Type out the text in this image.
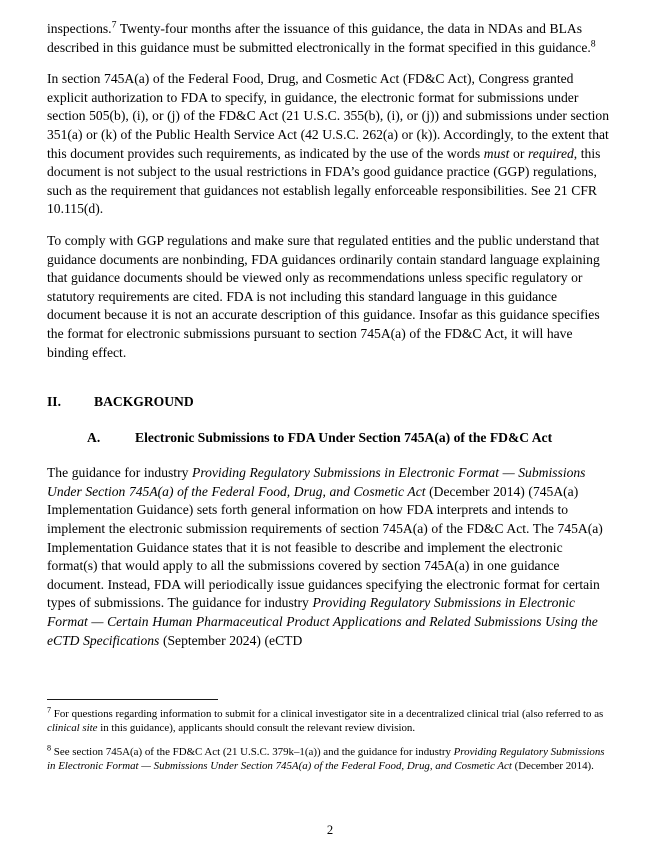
inspections.$^7$ Twenty-four months after the issuance of this guidance, the data in NDAs and BLAs described in this guidance must be submitted electronically in the format specified in this guidance.$^8$

In section 745A(a) of the Federal Food, Drug, and Cosmetic Act (FD&C Act), Congress granted explicit authorization to FDA to specify, in guidance, the electronic format for submissions under section 505(b), (i), or (j) of the FD&C Act (21 U.S.C. 355(b), (i), or (j)) and submissions under section 351(a) or (k) of the Public Health Service Act (42 U.S.C. 262(a) or (k)). Accordingly, to the extent that this document provides such requirements, as indicated by the use of the words must or required, this document is not subject to the usual restrictions in FDA’s good guidance practice (GGP) regulations, such as the requirement that guidances not establish legally enforceable responsibilities. See 21 CFR 10.115(d).

To comply with GGP regulations and make sure that regulated entities and the public understand that guidance documents are nonbinding, FDA guidances ordinarily contain standard language explaining that guidance documents should be viewed only as recommendations unless specific regulatory or statutory requirements are cited. FDA is not including this standard language in this guidance document because it is not an accurate description of this guidance. Insofar as this guidance specifies the format for electronic submissions pursuant to section 745A(a) of the FD&C Act, it will have binding effect.

II. BACKGROUND
A.	Electronic Submissions to FDA Under Section 745A(a) of the FD&C Act

The guidance for industry Providing Regulatory Submissions in Electronic Format — Submissions Under Section 745A(a) of the Federal Food, Drug, and Cosmetic Act (December 2014) (745A(a) Implementation Guidance) sets forth general information on how FDA interprets and intends to implement the electronic submission requirements of section 745A(a) of the FD&C Act. The 745A(a) Implementation Guidance states that it is not feasible to describe and implement the electronic format(s) that would apply to all the submissions covered by section 745A(a) in one guidance document. Instead, FDA will periodically issue guidances specifying the electronic format for certain types of submissions. The guidance for industry Providing Regulatory Submissions in Electronic Format — Certain Human Pharmaceutical Product Applications and Related Submissions Using the eCTD Specifications (September 2024) (eCTD

$^7$ For questions regarding information to submit for a clinical investigator site in a decentralized clinical trial (also referred to as clinical site in this guidance), applicants should consult the relevant review division.

$^8$ See section 745A(a) of the FD&C Act (21 U.S.C. 379k–1(a)) and the guidance for industry Providing Regulatory Submissions in Electronic Format — Submissions Under Section 745A(a) of the Federal Food, Drug, and Cosmetic Act (December 2014).

2
